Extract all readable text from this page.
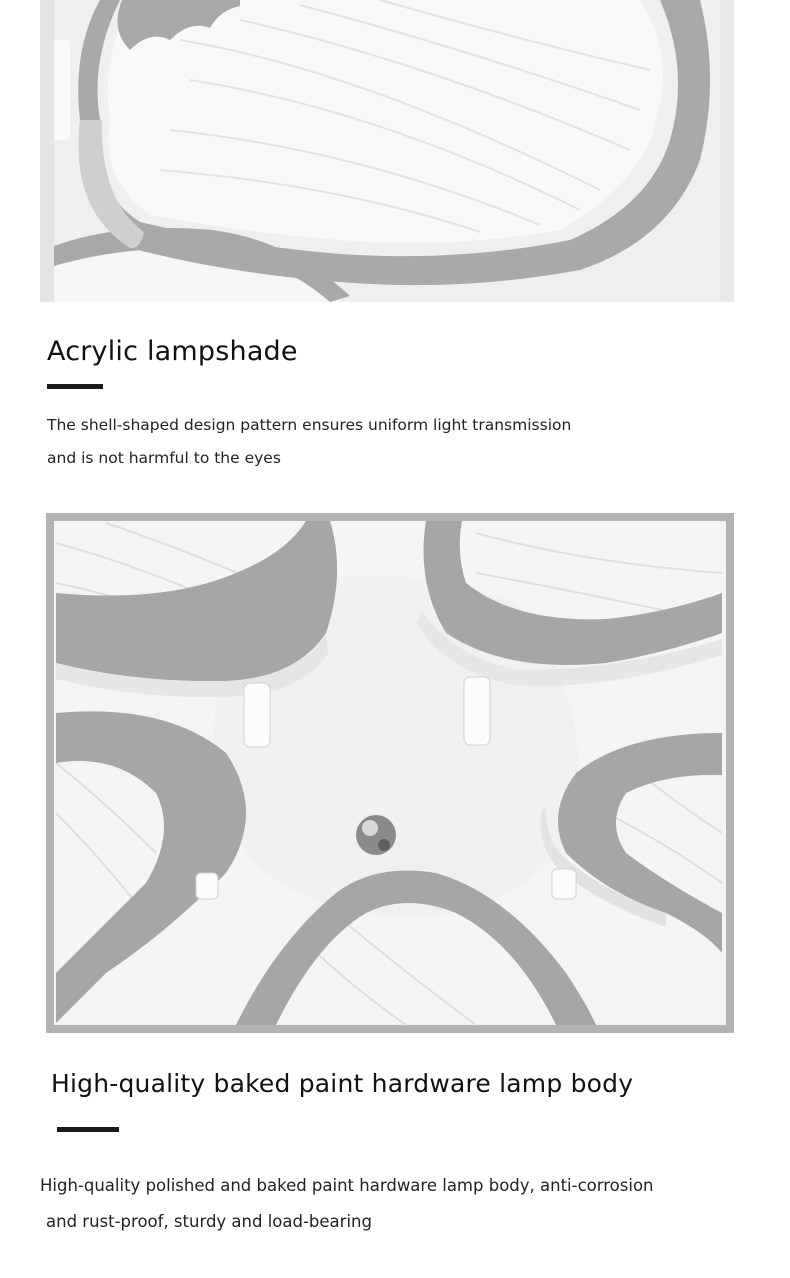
Acrylic lampshade

The shell-shaped design pattern ensures uniform light transmission

and is not harmful to the eyes

High-quality baked paint hardware lamp body

High-quality polished and baked paint hardware lamp body, anti-corrosion

and rust-proof, sturdy and load-bearing
